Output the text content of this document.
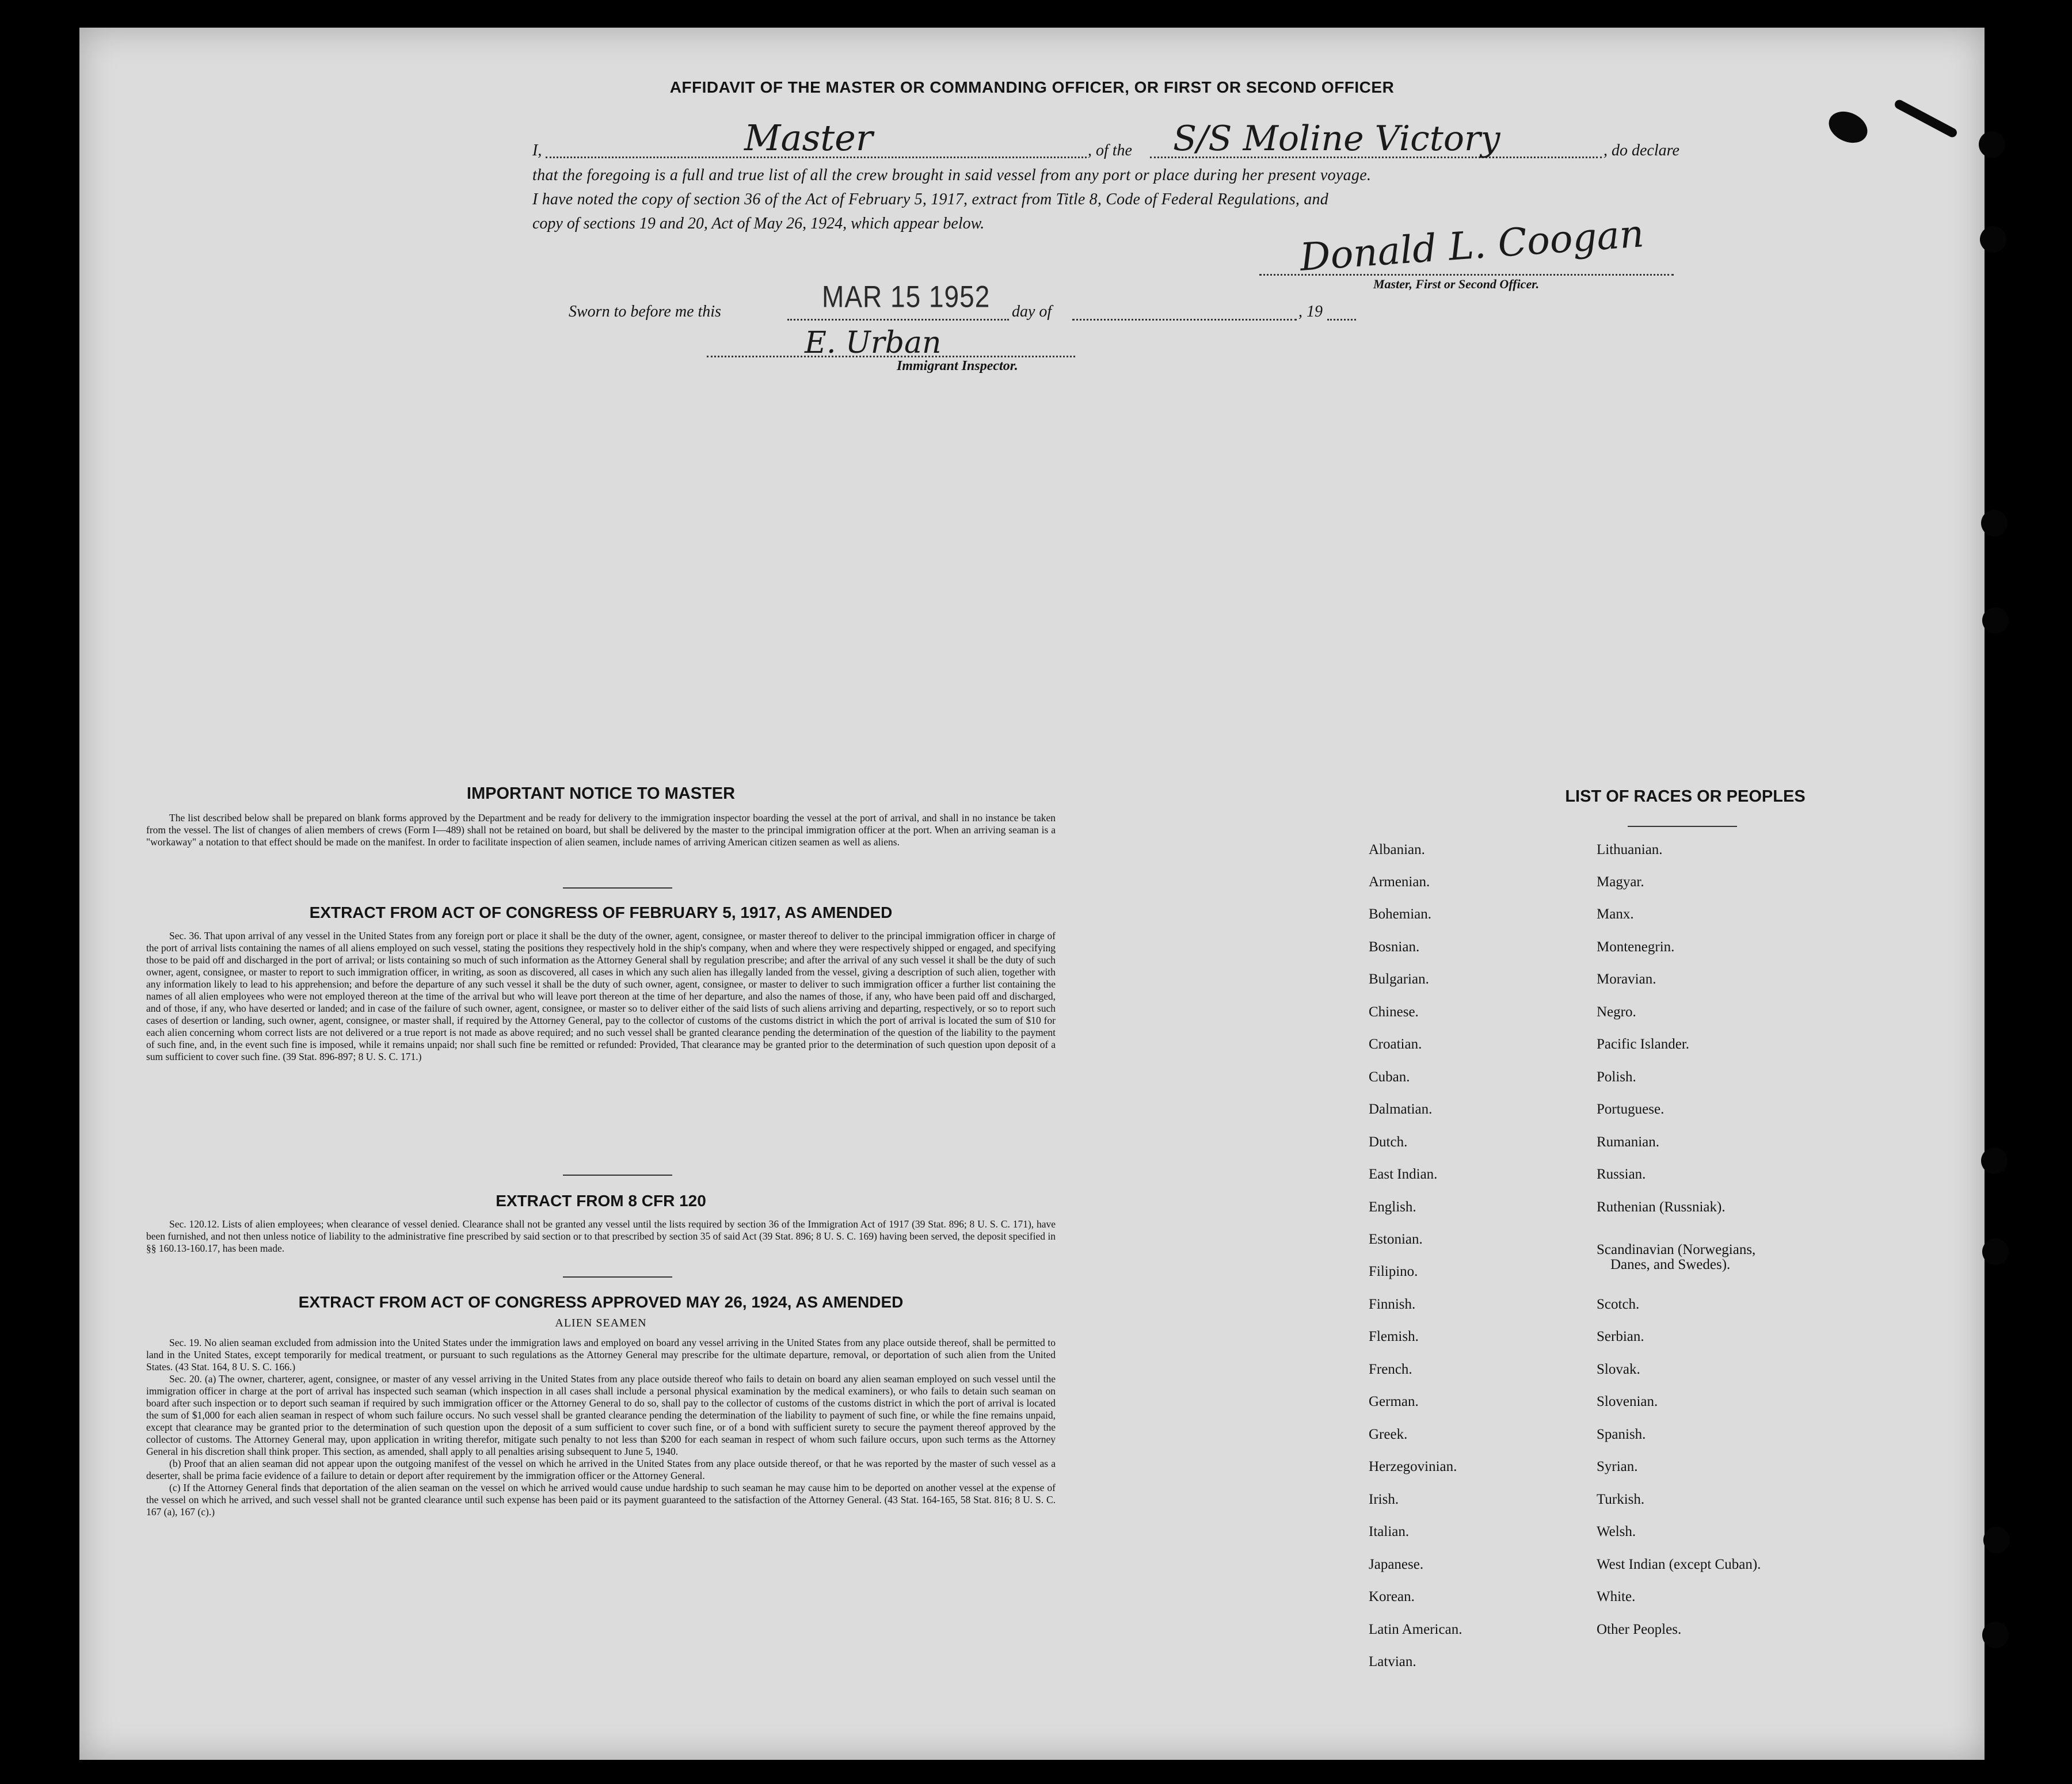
AFFIDAVIT OF THE MASTER OR COMMANDING OFFICER, OR FIRST OR SECOND OFFICER
I,	Master	, of the S/S Moline Victory	, do declare
that the foregoing is a full and true list of all the crew brought in said vessel from any port or place during her present voyage.
I have noted the copy of section 36 of the Act of February 5, 1917, extract from Title 8, Code of Federal Regulations, and
copy of sections 19 and 20, Act of May 26, 1924, which appear below.	Donald L. Coogan
Master, First or Second Officer.
Sworn to before me this	MAR 15 1952 day of	, 19
E. Urban
Immigrant Inspector.
IMPORTANT NOTICE TO MASTER

The list described below shall be prepared on blank forms approved by the Department and be ready for delivery to the immigration inspector boarding the vessel at the port of arrival, and shall in no instance be taken from the vessel. The list of changes of alien members of crews (Form I—489) shall not be retained on board, but shall be delivered by the master to the principal immigration officer at the port. When an arriving seaman is a "workaway" a notation to that effect should be made on the manifest. In order to facilitate inspection of alien seamen, include names of arriving American citizen seamen as well as aliens.

EXTRACT FROM ACT OF CONGRESS OF FEBRUARY 5, 1917, AS AMENDED

Sec. 36. That upon arrival of any vessel in the United States from any foreign port or place it shall be the duty of the owner, agent, consignee, or master thereof to deliver to the principal immigration officer in charge of the port of arrival lists containing the names of all aliens employed on such vessel, stating the positions they respectively hold in the ship's company, when and where they were respectively shipped or engaged, and specifying those to be paid off and discharged in the port of arrival; or lists containing so much of such information as the Attorney General shall by regulation prescribe; and after the arrival of any such vessel it shall be the duty of such owner, agent, consignee, or master to report to such immigration officer, in writing, as soon as discovered, all cases in which any such alien has illegally landed from the vessel, giving a description of such alien, together with any information likely to lead to his apprehension; and before the departure of any such vessel it shall be the duty of such owner, agent, consignee, or master to deliver to such immigration officer a further list containing the names of all alien employees who were not employed thereon at the time of the arrival but who will leave port thereon at the time of her departure, and also the names of those, if any, who have been paid off and discharged, and of those, if any, who have deserted or landed; and in case of the failure of such owner, agent, consignee, or master so to deliver either of the said lists of such aliens arriving and departing, respectively, or so to report such cases of desertion or landing, such owner, agent, consignee, or master shall, if required by the Attorney General, pay to the collector of customs of the customs district in which the port of arrival is located the sum of $10 for each alien concerning whom correct lists are not delivered or a true report is not made as above required; and no such vessel shall be granted clearance pending the determination of the question of the liability to the payment of such fine, and, in the event such fine is imposed, while it remains unpaid; nor shall such fine be remitted or refunded: Provided, That clearance may be granted prior to the determination of such question upon deposit of a sum sufficient to cover such fine. (39 Stat. 896-897; 8 U. S. C. 171.)

EXTRACT FROM 8 CFR 120

Sec. 120.12. Lists of alien employees; when clearance of vessel denied. Clearance shall not be granted any vessel until the lists required by section 36 of the Immigration Act of 1917 (39 Stat. 896; 8 U. S. C. 171), have been furnished, and not then unless notice of liability to the administrative fine prescribed by said section or to that prescribed by section 35 of said Act (39 Stat. 896; 8 U. S. C. 169) having been served, the deposit specified in §§ 160.13-160.17, has been made.

EXTRACT FROM ACT OF CONGRESS APPROVED MAY 26, 1924, AS AMENDED
ALIEN SEAMEN

Sec. 19. No alien seaman excluded from admission into the United States under the immigration laws and employed on board any vessel arriving in the United States from any place outside thereof, shall be permitted to land in the United States, except temporarily for medical treatment, or pursuant to such regulations as the Attorney General may prescribe for the ultimate departure, removal, or deportation of such alien from the United States. (43 Stat. 164, 8 U. S. C. 166.)

Sec. 20. (a) The owner, charterer, agent, consignee, or master of any vessel arriving in the United States from any place outside thereof who fails to detain on board any alien seaman employed on such vessel until the immigration officer in charge at the port of arrival has inspected such seaman (which inspection in all cases shall include a personal physical examination by the medical examiners), or who fails to detain such seaman on board after such inspection or to deport such seaman if required by such immigration officer or the Attorney General to do so, shall pay to the collector of customs of the customs district in which the port of arrival is located the sum of $1,000 for each alien seaman in respect of whom such failure occurs. No such vessel shall be granted clearance pending the determination of the liability to payment of such fine, or while the fine remains unpaid, except that clearance may be granted prior to the determination of such question upon the deposit of a sum sufficient to cover such fine, or of a bond with sufficient surety to secure the payment thereof approved by the collector of customs. The Attorney General may, upon application in writing therefor, mitigate such penalty to not less than $200 for each seaman in respect of whom such failure occurs, upon such terms as the Attorney General in his discretion shall think proper. This section, as amended, shall apply to all penalties arising subsequent to June 5, 1940.

(b) Proof that an alien seaman did not appear upon the outgoing manifest of the vessel on which he arrived in the United States from any place outside thereof, or that he was reported by the master of such vessel as a deserter, shall be prima facie evidence of a failure to detain or deport after requirement by the immigration officer or the Attorney General.

(c) If the Attorney General finds that deportation of the alien seaman on the vessel on which he arrived would cause undue hardship to such seaman he may cause him to be deported on another vessel at the expense of the vessel on which he arrived, and such vessel shall not be granted clearance until such expense has been paid or its payment guaranteed to the satisfaction of the Attorney General. (43 Stat. 164-165, 58 Stat. 816; 8 U. S. C. 167 (a), 167 (c).)

LIST OF RACES OR PEOPLES
Albanian.
Armenian.
Bohemian.
Bosnian.
Bulgarian.
Chinese.
Croatian.
Cuban.
Dalmatian.
Dutch.
East Indian.
English.
Estonian.
Filipino.
Finnish.
Flemish.
French.
German.
Greek.
Herzegovinian.
Irish.
Italian.
Japanese.
Korean.
Latin American.
Latvian.
Lithuanian.
Magyar.
Manx.
Montenegrin.
Moravian.
Negro.
Pacific Islander.
Polish.
Portuguese.
Rumanian.
Russian.
Ruthenian (Russniak).
Scandinavian (Norwegians,
Danes, and Swedes).
Scotch.
Serbian.
Slovak.
Slovenian.
Spanish.
Syrian.
Turkish.
Welsh.
West Indian (except Cuban).
White.
Other Peoples.
